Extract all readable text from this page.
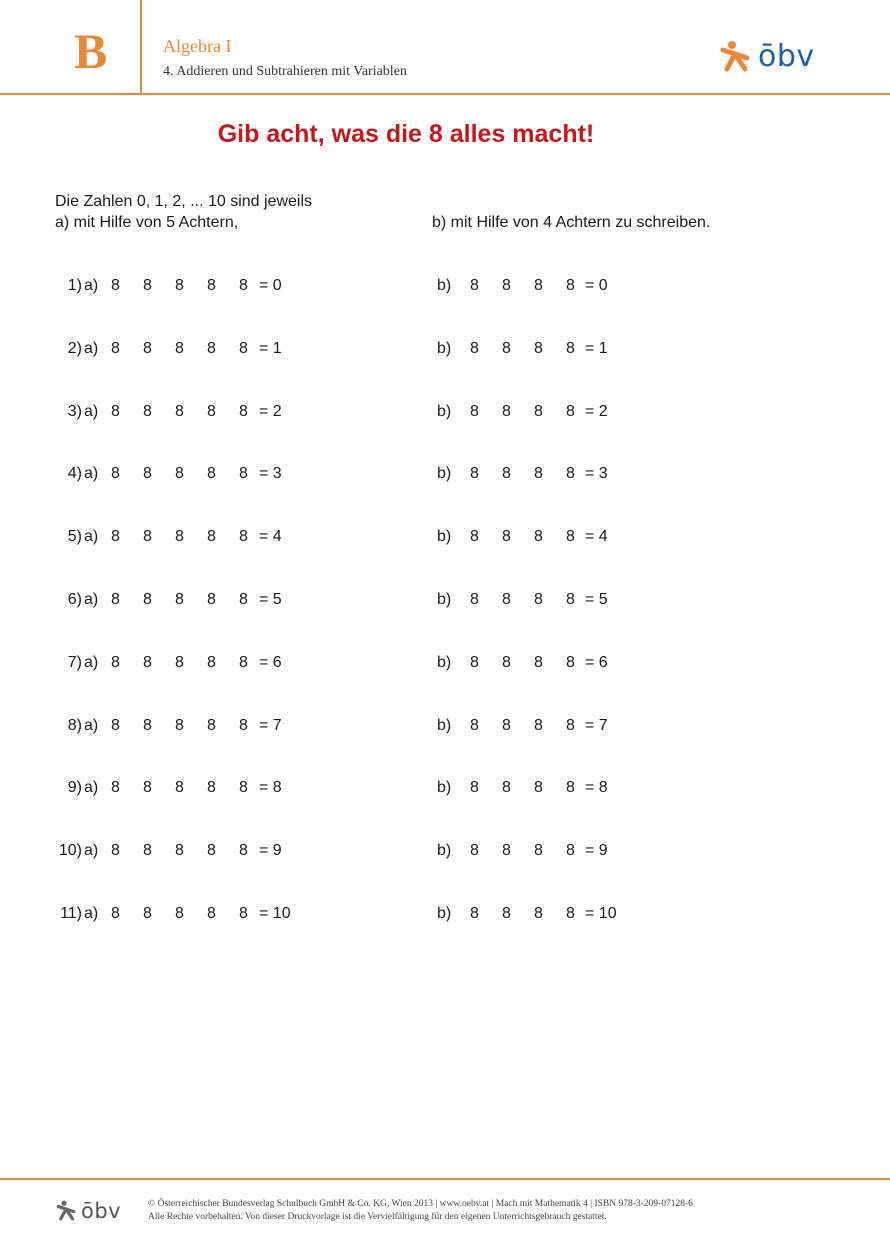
B	Algebra I
4. Addieren und Subtrahieren mit Variablen	ōbv
Gib acht, was die 8 alles macht!
Die Zahlen 0, 1, 2, ... 10 sind jeweils
a) mit Hilfe von 5 Achtern,	b) mit Hilfe von 4 Achtern zu schreiben.
1) a) 8 8 8 8 8 = 0	b) 8 8 8 8 = 0
2) a) 8 8 8 8 8 = 1	b) 8 8 8 8 = 1
3) a) 8 8 8 8 8 = 2	b) 8 8 8 8 = 2
4) a) 8 8 8 8 8 = 3	b) 8 8 8 8 = 3
5) a) 8 8 8 8 8 = 4	b) 8 8 8 8 = 4
6) a) 8 8 8 8 8 = 5	b) 8 8 8 8 = 5
7) a) 8 8 8 8 8 = 6	b) 8 8 8 8 = 6
8) a) 8 8 8 8 8 = 7	b) 8 8 8 8 = 7
9) a) 8 8 8 8 8 = 8	b) 8 8 8 8 = 8
10) a) 8 8 8 8 8 = 9	b) 8 8 8 8 = 9
11) a) 8 8 8 8 8 = 10	b) 8 8 8 8 = 10
ōbv	© Österreichischer Bundesverlag Schulbuch GmbH & Co. KG, Wien 2013 | www.oebv.at | Mach mit Mathematik 4 | ISBN 978-3-209-07128-6
Alle Rechte vorbehalten. Von dieser Druckvorlage ist die Vervielfältigung für den eigenen Unterrichtsgebrauch gestattet.
